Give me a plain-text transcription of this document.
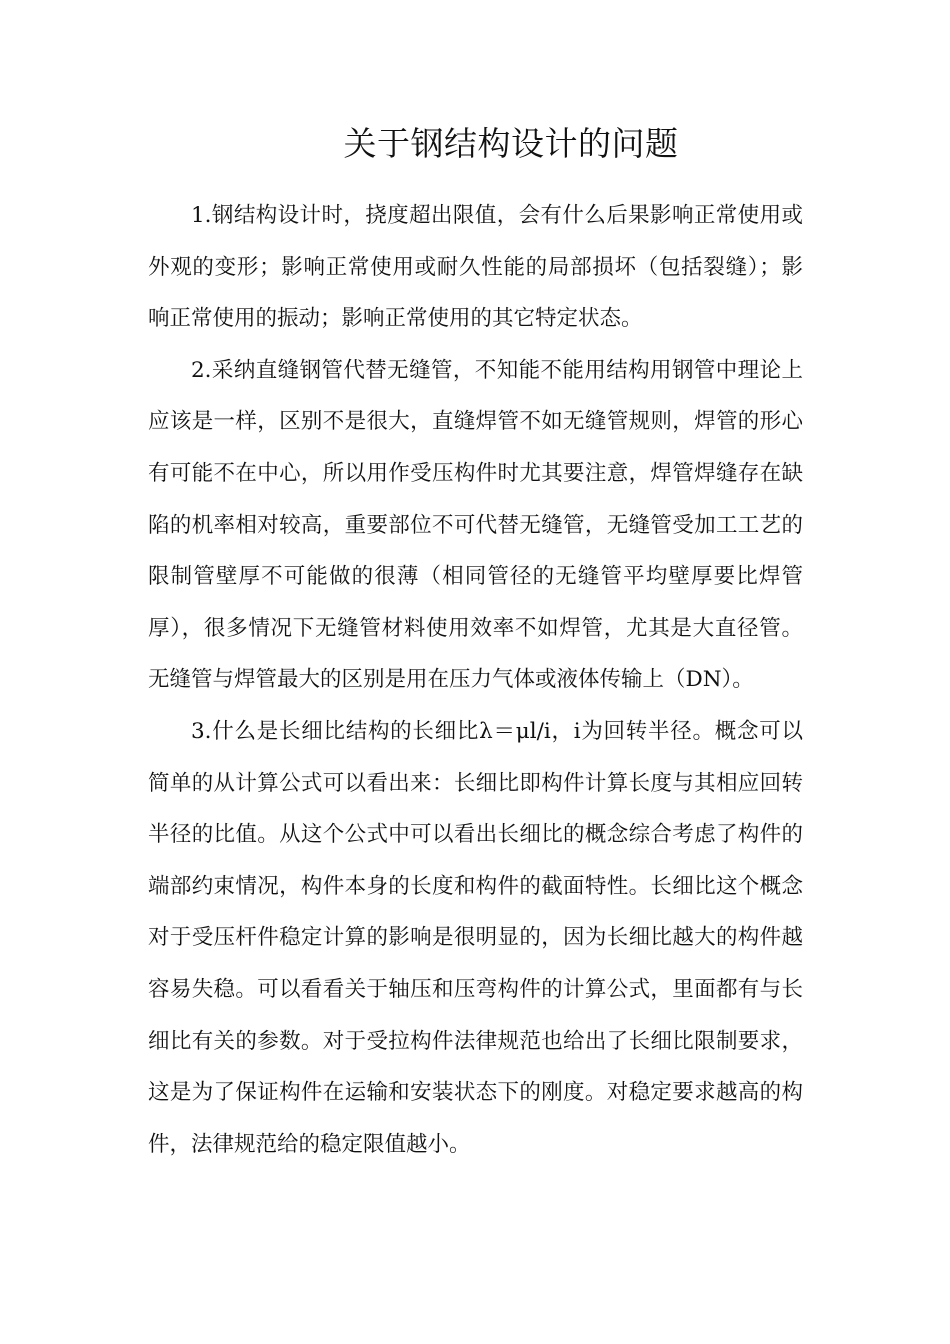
关于钢结构设计的问题

1.钢结构设计时，挠度超出限值，会有什么后果影响正常使用或外观的变形；影响正常使用或耐久性能的局部损坏（包括裂缝）；影响正常使用的振动；影响正常使用的其它特定状态。

2.采纳直缝钢管代替无缝管，不知能不能用结构用钢管中理论上应该是一样，区别不是很大，直缝焊管不如无缝管规则，焊管的形心有可能不在中心，所以用作受压构件时尤其要注意，焊管焊缝存在缺陷的机率相对较高，重要部位不可代替无缝管，无缝管受加工工艺的限制管壁厚不可能做的很薄（相同管径的无缝管平均壁厚要比焊管厚），很多情况下无缝管材料使用效率不如焊管，尤其是大直径管。无缝管与焊管最大的区别是用在压力气体或液体传输上（DN）。

3.什么是长细比结构的长细比λ＝μl/i，i为回转半径。概念可以简单的从计算公式可以看出来：长细比即构件计算长度与其相应回转半径的比值。从这个公式中可以看出长细比的概念综合考虑了构件的端部约束情况，构件本身的长度和构件的截面特性。长细比这个概念对于受压杆件稳定计算的影响是很明显的，因为长细比越大的构件越容易失稳。可以看看关于轴压和压弯构件的计算公式，里面都有与长细比有关的参数。对于受拉构件法律规范也给出了长细比限制要求，这是为了保证构件在运输和安装状态下的刚度。对稳定要求越高的构件，法律规范给的稳定限值越小。
